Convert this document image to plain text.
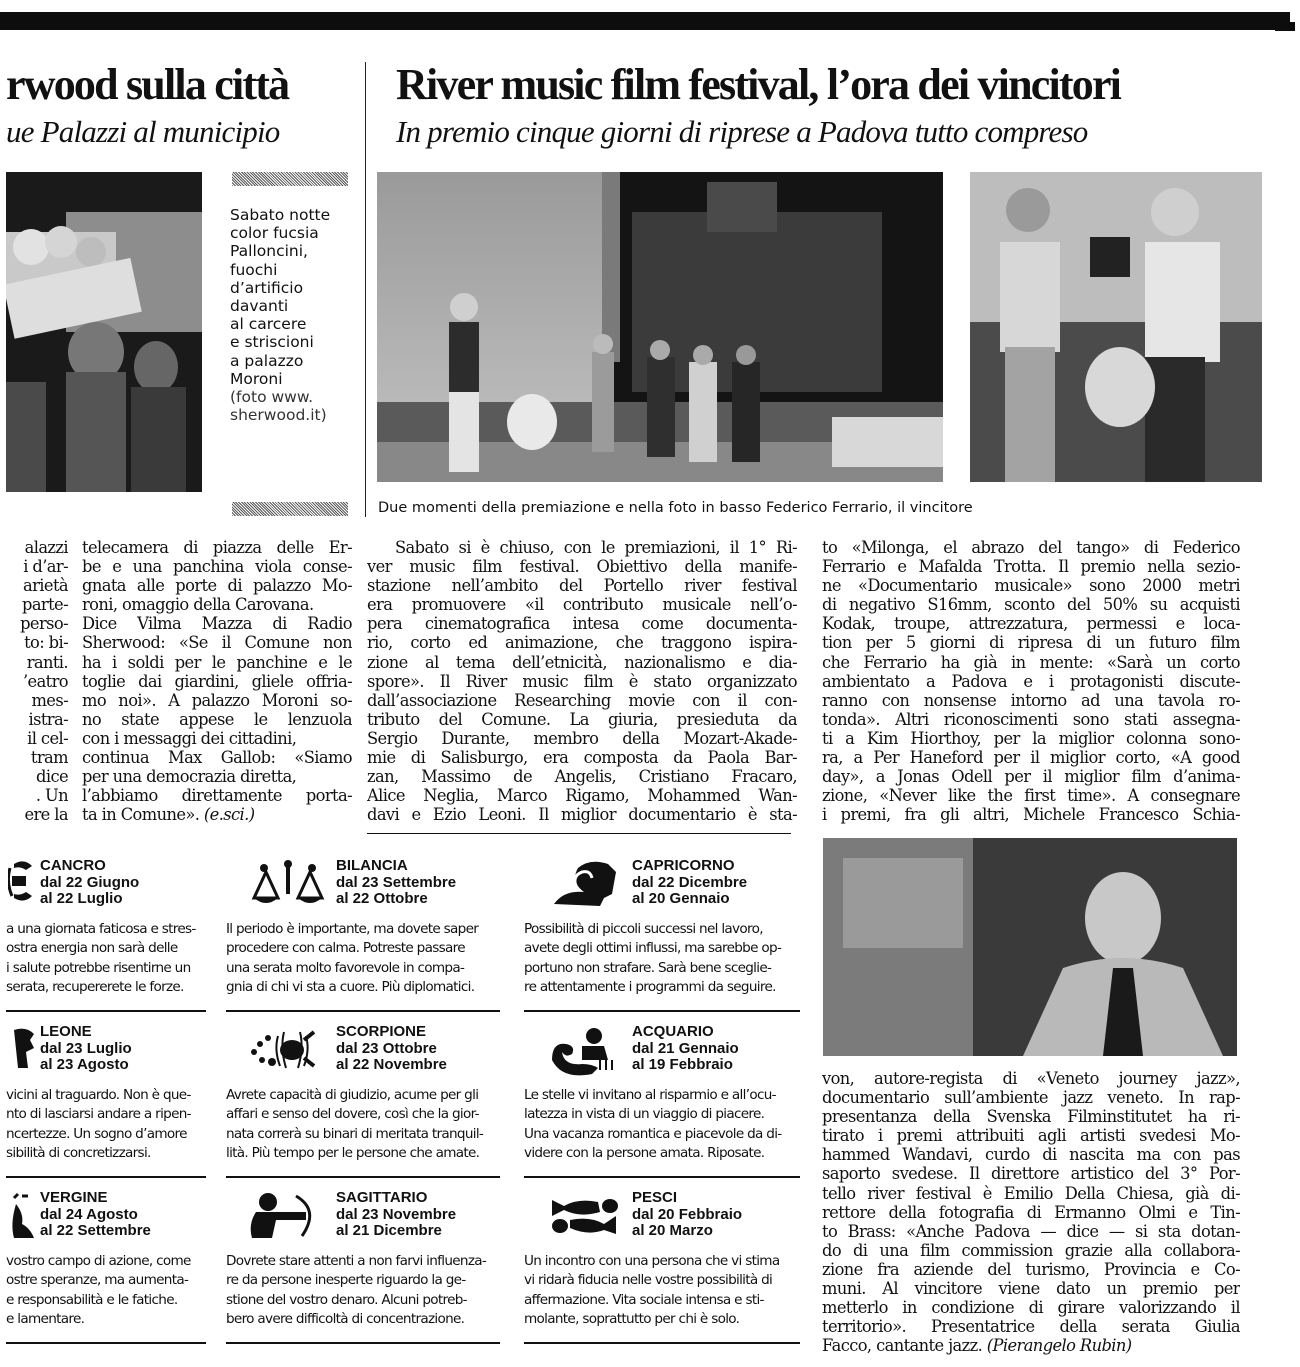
rwood sulla città
ue Palazzi al municipio
Sabato notte
color fucsia
Palloncini,
fuochi
d’artificio
davanti
al carcere
e striscioni
a palazzo
Moroni
(foto www.
sherwood.it)
alazzi
i d’ar-
arietà
parte-
perso-
to: bi-
ranti.
’eatro
mes-
istra-
il cel-
tram
dice
. Un
ere la
telecamera di piazza delle Er-
be e una panchina viola conse-
gnata alle porte di palazzo Mo-
roni, omaggio della Carovana.
Dice Vilma Mazza di Radio
Sherwood: «Se il Comune non
ha i soldi per le panchine e le
toglie dai giardini, gliele offria-
mo noi». A palazzo Moroni so-
no state appese le lenzuola
con i messaggi dei cittadini,
continua Max Gallob: «Siamo
per una democrazia diretta,
l’abbiamo direttamente porta-
ta in Comune». (e.sci.)
River music film festival, l’ora dei vincitori
In premio cinque giorni di riprese a Padova tutto compreso
Due momenti della premiazione e nella foto in basso Federico Ferrario, il vincitore
Sabato si è chiuso, con le premiazioni, il 1° Ri-
ver music film festival. Obiettivo della manife-
stazione nell’ambito del Portello river festival
era promuovere «il contributo musicale nell’o-
pera cinematografica intesa come documenta-
rio, corto ed animazione, che traggono ispira-
zione al tema dell’etnicità, nazionalismo e dia-
spore». Il River music film è stato organizzato
dall’associazione Researching movie con il con-
tributo del Comune. La giuria, presieduta da
Sergio Durante, membro della Mozart-Akade-
mie di Salisburgo, era composta da Paola Bar-
zan, Massimo de Angelis, Cristiano Fracaro,
Alice Neglia, Marco Rigamo, Mohammed Wan-
davi e Ezio Leoni. Il miglior documentario è sta-
to «Milonga, el abrazo del tango» di Federico
Ferrario e Mafalda Trotta. Il premio nella sezio-
ne «Documentario musicale» sono 2000 metri
di negativo S16mm, sconto del 50% su acquisti
Kodak, troupe, attrezzatura, permessi e loca-
tion per 5 giorni di ripresa di un futuro film
che Ferrario ha già in mente: «Sarà un corto
ambientato a Padova e i protagonisti discute-
ranno con nonsense intorno ad una tavola ro-
tonda». Altri riconoscimenti sono stati assegna-
ti a Kim Hiorthoy, per la miglior colonna sono-
ra, a Per Haneford per il miglior corto, «A good
day», a Jonas Odell per il miglior film d’anima-
zione, «Never like the first time». A consegnare
i premi, fra gli altri, Michele Francesco Schia-
von, autore-regista di «Veneto journey jazz»,
documentario sull’ambiente jazz veneto. In rap-
presentanza della Svenska Filminstitutet ha ri-
tirato i premi attribuiti agli artisti svedesi Mo-
hammed Wandavi, curdo di nascita ma con pas
saporto svedese. Il direttore artistico del 3° Por-
tello river festival è Emilio Della Chiesa, già di-
rettore della fotografia di Ermanno Olmi e Tin-
to Brass: «Anche Padova — dice — si sta dotan-
do di una film commission grazie alla collabora-
zione fra aziende del turismo, Provincia e Co-
muni. Al vincitore viene dato un premio per
metterlo in condizione di girare valorizzando il
territorio». Presentatrice della serata Giulia
Facco, cantante jazz. (Pierangelo Rubin)
CANCRO
dal 22 Giugno
al 22 Luglio
a una giornata faticosa e stres-
ostra energia non sarà delle
i salute potrebbe risentirne un
serata, recupererete le forze.
BILANCIA
dal 23 Settembre
al 22 Ottobre
Il periodo è importante, ma dovete saper
procedere con calma. Potreste passare
una serata molto favorevole in compa-
gnia di chi vi sta a cuore. Più diplomatici.
CAPRICORNO
dal 22 Dicembre
al 20 Gennaio
Possibilità di piccoli successi nel lavoro,
avete degli ottimi influssi, ma sarebbe op-
portuno non strafare. Sarà bene sceglie-
re attentamente i programmi da seguire.
LEONE
dal 23 Luglio
al 23 Agosto
vicini al traguardo. Non è que-
nto di lasciarsi andare a ripen-
ncertezze. Un sogno d’amore
sibilità di concretizzarsi.
SCORPIONE
dal 23 Ottobre
al 22 Novembre
Avrete capacità di giudizio, acume per gli
affari e senso del dovere, così che la gior-
nata correrà su binari di meritata tranquil-
lità. Più tempo per le persone che amate.
ACQUARIO
dal 21 Gennaio
al 19 Febbraio
Le stelle vi invitano al risparmio e all’ocu-
latezza in vista di un viaggio di piacere.
Una vacanza romantica e piacevole da di-
videre con la persone amata. Riposate.
VERGINE
dal 24 Agosto
al 22 Settembre
vostro campo di azione, come
ostre speranze, ma aumenta-
e responsabilità e le fatiche.
e lamentare.
SAGITTARIO
dal 23 Novembre
al 21 Dicembre
Dovrete stare attenti a non farvi influenza-
re da persone inesperte riguardo la ge-
stione del vostro denaro. Alcuni potreb-
bero avere difficoltà di concentrazione.
PESCI
dal 20 Febbraio
al 20 Marzo
Un incontro con una persona che vi stima
vi ridarà fiducia nelle vostre possibilità di
affermazione. Vita sociale intensa e sti-
molante, soprattutto per chi è solo.
